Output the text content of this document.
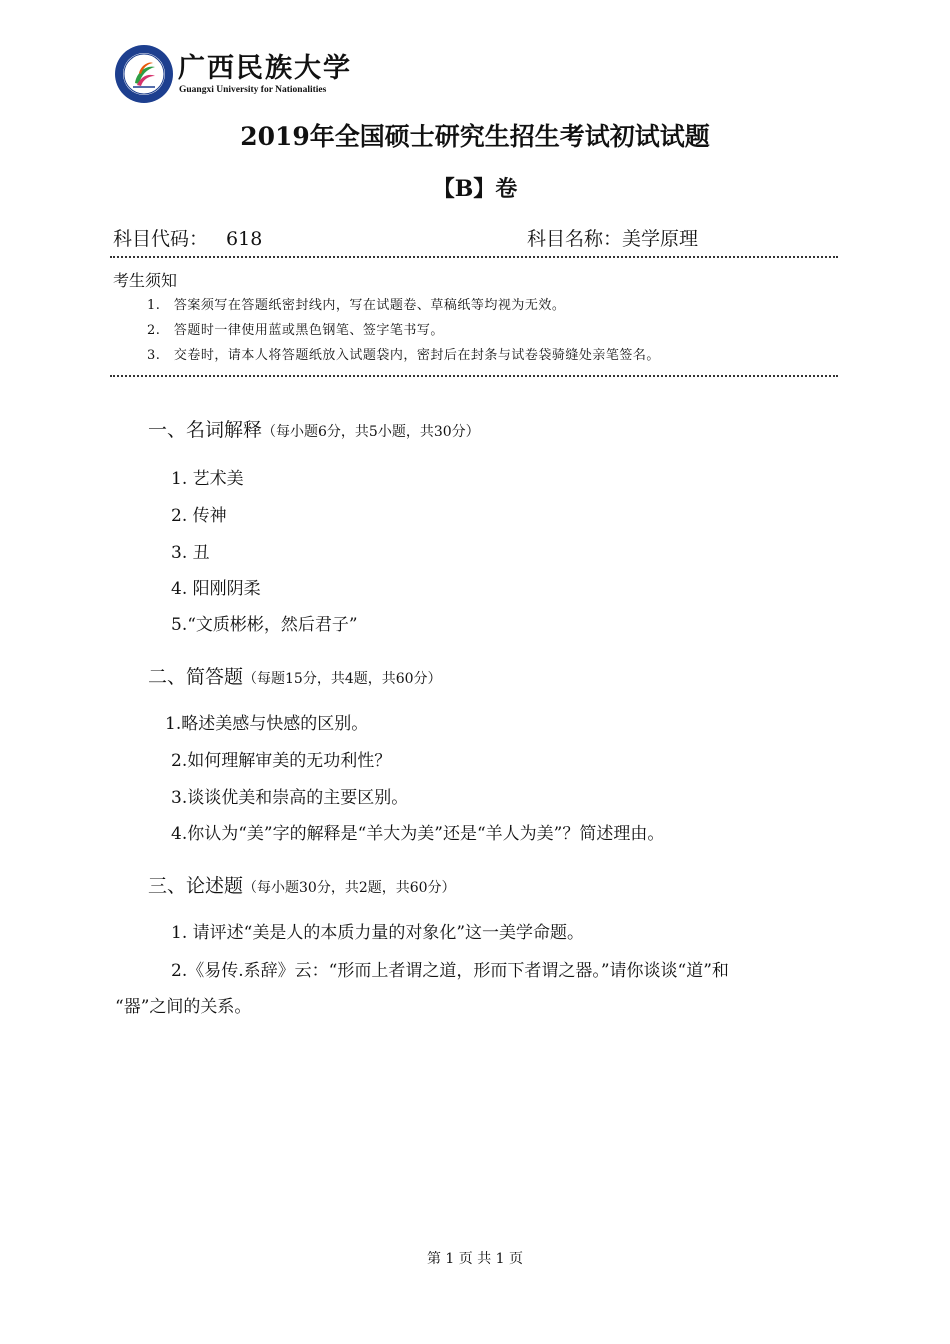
广西民族大学
Guangxi University for Nationalities
2019年全国硕士研究生招生考试初试试题
【B】卷
科目代码： 618	科目名称：美学原理
考生须知
1.　答案须写在答题纸密封线内，写在试题卷、草稿纸等均视为无效。
2.　答题时一律使用蓝或黑色钢笔、签字笔书写。
3.　交卷时，请本人将答题纸放入试题袋内，密封后在封条与试卷袋骑缝处亲笔签名。
一、名词解释（每小题6分，共5小题，共30分）
1. 艺术美
2. 传神
3. 丑
4. 阳刚阴柔
5.“文质彬彬，然后君子”
二、简答题（每题15分，共4题，共60分）
1.略述美感与快感的区别。
2.如何理解审美的无功利性？
3.谈谈优美和崇高的主要区别。
4.你认为“美”字的解释是“羊大为美”还是“羊人为美”？简述理由。
三、论述题（每小题30分，共2题，共60分）
1. 请评述“美是人的本质力量的对象化”这一美学命题。
2.《易传.系辞》云：“形而上者谓之道，形而下者谓之器。”请你谈谈“道”和
“器”之间的关系。
第 1 页 共 1 页
